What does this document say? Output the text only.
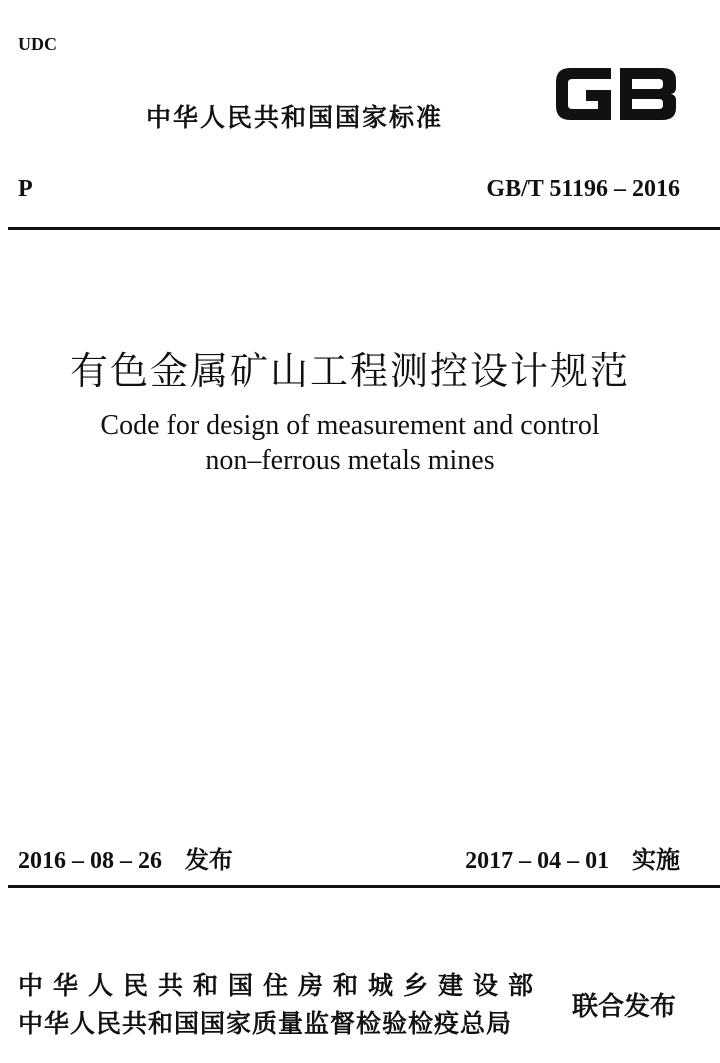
UDC
中华人民共和国国家标准
P	GB/T 51196 – 2016
有色金属矿山工程测控设计规范
Code for design of measurement and control
non–ferrous metals mines
2016 – 08 – 26 发布	2017 – 04 – 01 实施
中华人民共和国住房和城乡建设部
中华人民共和国国家质量监督检验检疫总局
联合发布
